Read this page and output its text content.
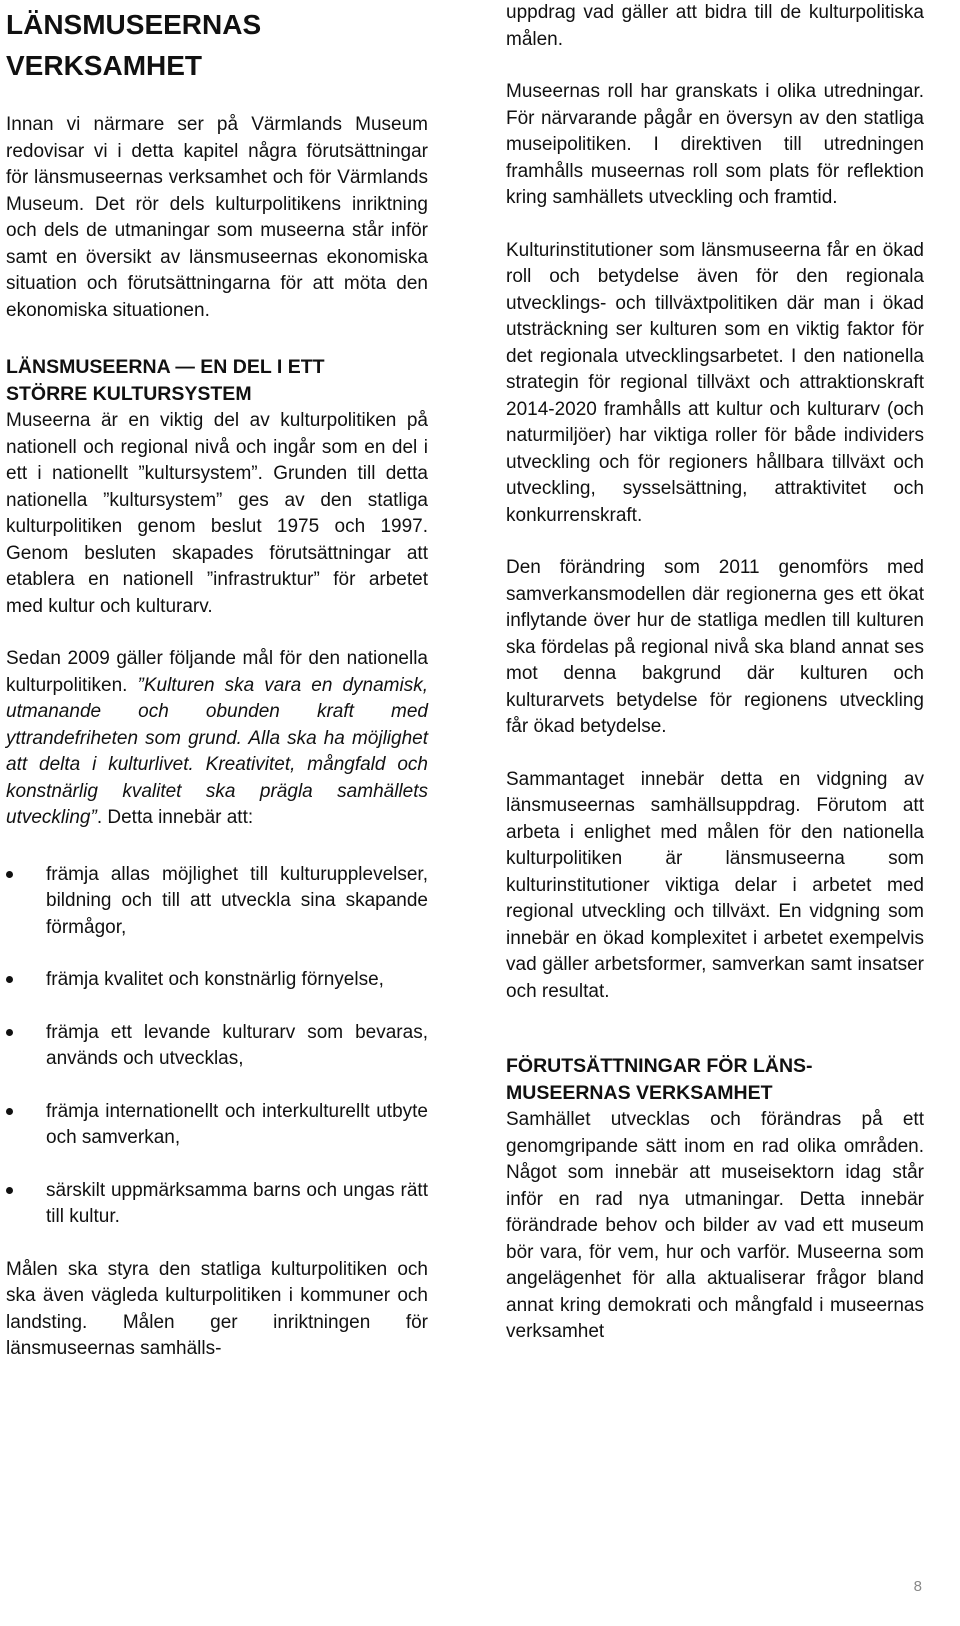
LÄNSMUSEERNAS
VERKSAMHET

Innan vi närmare ser på Värmlands Museum redovisar vi i detta kapitel några förutsättningar för länsmuseernas verksamhet och för Värmlands Museum. Det rör dels kulturpolitikens inriktning och dels de utmaningar som museerna står inför samt en översikt av länsmuseernas ekonomiska situation och förutsättningarna för att möta den ekonomiska situationen.

LÄNSMUSEERNA — EN DEL I ETT
STÖRRE KULTURSYSTEM

Museerna är en viktig del av kulturpolitiken på nationell och regional nivå och ingår som en del i ett i nationellt ”kultursystem”. Grunden till detta nationella ”kultursystem” ges av den statliga kulturpolitiken genom beslut 1975 och 1997. Genom besluten skapades förutsättningar att etablera en nationell ”infrastruktur” för arbetet med kultur och kulturarv.

Sedan 2009 gäller följande mål för den nationella kulturpolitiken. ”Kulturen ska vara en dynamisk, utmanande och obunden kraft med yttrandefriheten som grund. Alla ska ha möjlighet att delta i kulturlivet. Kreativitet, mångfald och konstnärlig kvalitet ska prägla samhällets utveckling”. Detta innebär att:

främja allas möjlighet till kulturupplevelser, bildning och till att utveckla sina skapande förmågor,
främja kvalitet och konstnärlig förnyelse,
främja ett levande kulturarv som bevaras, används och utvecklas,
främja internationellt och interkulturellt utbyte och samverkan,
särskilt uppmärksamma barns och ungas rätt till kultur.

Målen ska styra den statliga kulturpolitiken och ska även vägleda kulturpolitiken i kommuner och landsting. Målen ger inriktningen för länsmuseernas samhälls-

uppdrag vad gäller att bidra till de kulturpolitiska målen.

Museernas roll har granskats i olika utredningar. För närvarande pågår en översyn av den statliga museipolitiken. I direktiven till utredningen framhålls museernas roll som plats för reflektion kring samhällets utveckling och framtid.

Kulturinstitutioner som länsmuseerna får en ökad roll och betydelse även för den regionala utvecklings- och tillväxtpolitiken där man i ökad utsträckning ser kulturen som en viktig faktor för det regionala utvecklingsarbetet. I den nationella strategin för regional tillväxt och attraktionskraft 2014-2020 framhålls att kultur och kulturarv (och naturmiljöer) har viktiga roller för både individers utveckling och för regioners hållbara tillväxt och utveckling, sysselsättning, attraktivitet och konkurrenskraft.

Den förändring som 2011 genomförs med samverkansmodellen där regionerna ges ett ökat inflytande över hur de statliga medlen till kulturen ska fördelas på regional nivå ska bland annat ses mot denna bakgrund där kulturen och kulturarvets betydelse för regionens utveckling får ökad betydelse.

Sammantaget innebär detta en vidgning av länsmuseernas samhällsuppdrag. Förutom att arbeta i enlighet med målen för den nationella kulturpolitiken är länsmuseerna som kulturinstitutioner viktiga delar i arbetet med regional utveckling och tillväxt. En vidgning som innebär en ökad komplexitet i arbetet exempelvis vad gäller arbetsformer, samverkan samt insatser och resultat.

FÖRUTSÄTTNINGAR FÖR LÄNS-
MUSEERNAS VERKSAMHET

Samhället utvecklas och förändras på ett genomgripande sätt inom en rad olika områden. Något som innebär att museisektorn idag står inför en rad nya utmaningar. Detta innebär förändrade behov och bilder av vad ett museum bör vara, för vem, hur och varför. Museerna som angelägenhet för alla aktualiserar frågor bland annat kring demokrati och mångfald i museernas verksamhet

8
